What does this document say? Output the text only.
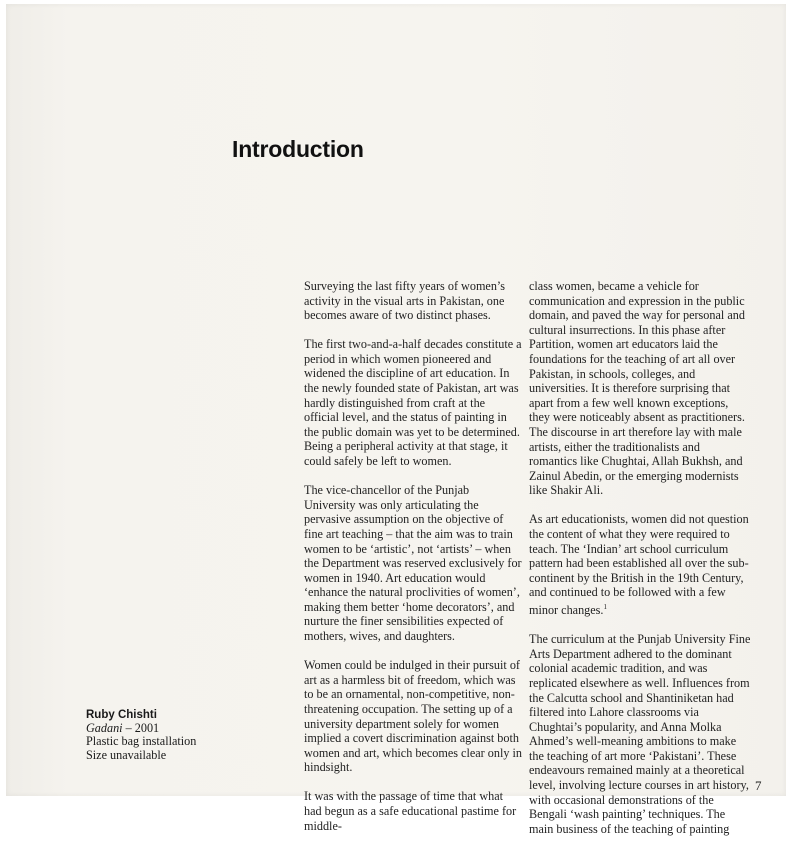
Introduction

Surveying the last fifty years of women’s activity in the visual arts in Pakistan, one becomes aware of two distinct phases.

The first two-and-a-half decades constitute a period in which women pioneered and widened the discipline of art education. In the newly founded state of Pakistan, art was hardly distinguished from craft at the official level, and the status of painting in the public domain was yet to be determined. Being a peripheral activity at that stage, it could safely be left to women.

The vice-chancellor of the Punjab University was only articulating the pervasive assumption on the objective of fine art teaching – that the aim was to train women to be ‘artistic’, not ‘artists’ – when the Department was reserved exclusively for women in 1940. Art education would ‘enhance the natural proclivities of women’, making them better ‘home decorators’, and nurture the finer sensibilities expected of mothers, wives, and daughters.

Women could be indulged in their pursuit of art as a harmless bit of freedom, which was to be an ornamental, non-competitive, non-threatening occupation. The setting up of a university department solely for women implied a covert discrimination against both women and art, which becomes clear only in hindsight.

It was with the passage of time that what had begun as a safe educational pastime for middle-

class women, became a vehicle for communication and expression in the public domain, and paved the way for personal and cultural insurrections. In this phase after Partition, women art educators laid the foundations for the teaching of art all over Pakistan, in schools, colleges, and universities. It is therefore surprising that apart from a few well known exceptions, they were noticeably absent as practitioners. The discourse in art therefore lay with male artists, either the traditionalists and romantics like Chughtai, Allah Bukhsh, and Zainul Abedin, or the emerging modernists like Shakir Ali.

As art educationists, women did not question the content of what they were required to teach. The ‘Indian’ art school curriculum pattern had been established all over the sub-continent by the British in the 19th Century, and continued to be followed with a few minor changes.$^1$

The curriculum at the Punjab University Fine Arts Department adhered to the dominant colonial academic tradition, and was replicated elsewhere as well. Influences from the Calcutta school and Shantiniketan had filtered into Lahore classrooms via Chughtai’s popularity, and Anna Molka Ahmed’s well-meaning ambitions to make the teaching of art more ‘Pakistani’. These endeavours remained mainly at a theoretical level, involving lecture courses in art history, with occasional demonstrations of the Bengali ‘wash painting’ techniques. The main business of the teaching of painting

Ruby Chishti
Gadani – 2001
Plastic bag installation
Size unavailable
7
